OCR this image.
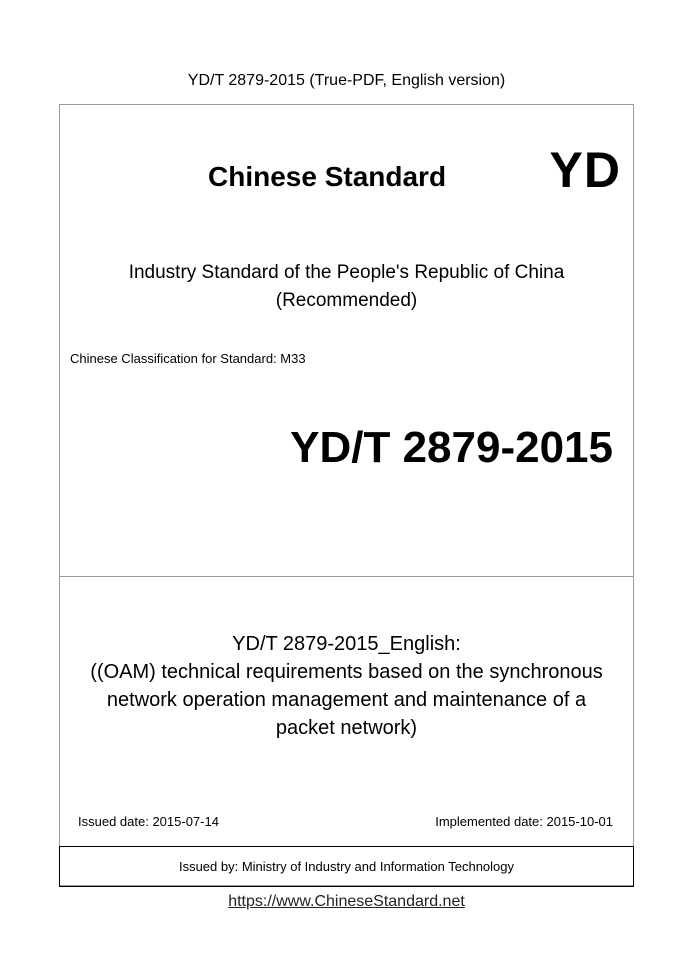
YD/T 2879-2015 (True-PDF, English version)
Chinese Standard YD
Industry Standard of the People's Republic of China
(Recommended)
Chinese Classification for Standard: M33
YD/T 2879-2015
YD/T 2879-2015_English:
((OAM) technical requirements based on the synchronous
network operation management and maintenance of a
packet network)
Issued date: 2015-07-14	Implemented date: 2015-10-01
Issued by: Ministry of Industry and Information Technology
https://www.ChineseStandard.net
